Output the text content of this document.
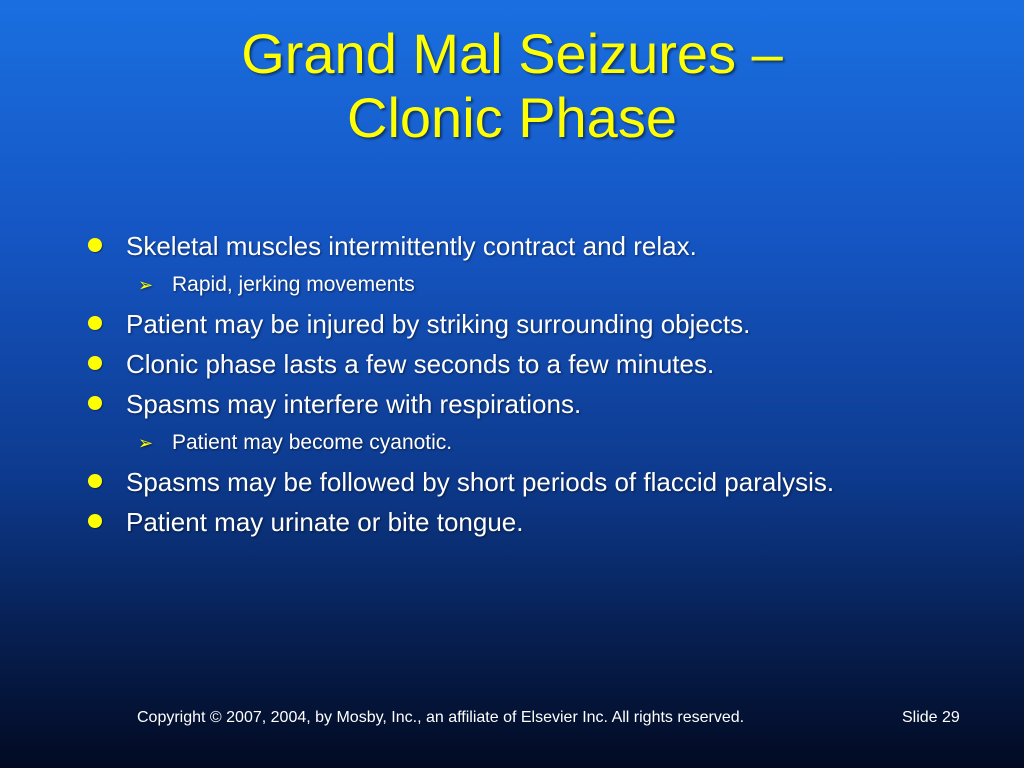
Grand Mal Seizures –
Clonic Phase
Skeletal muscles intermittently contract and relax.
➢ Rapid, jerking movements
Patient may be injured by striking surrounding objects.
Clonic phase lasts a few seconds to a few minutes.
Spasms may interfere with respirations.
➢ Patient may become cyanotic.
Spasms may be followed by short periods of flaccid paralysis.
Patient may urinate or bite tongue.
Copyright © 2007, 2004, by Mosby, Inc., an affiliate of Elsevier Inc. All rights reserved.	Slide 29
